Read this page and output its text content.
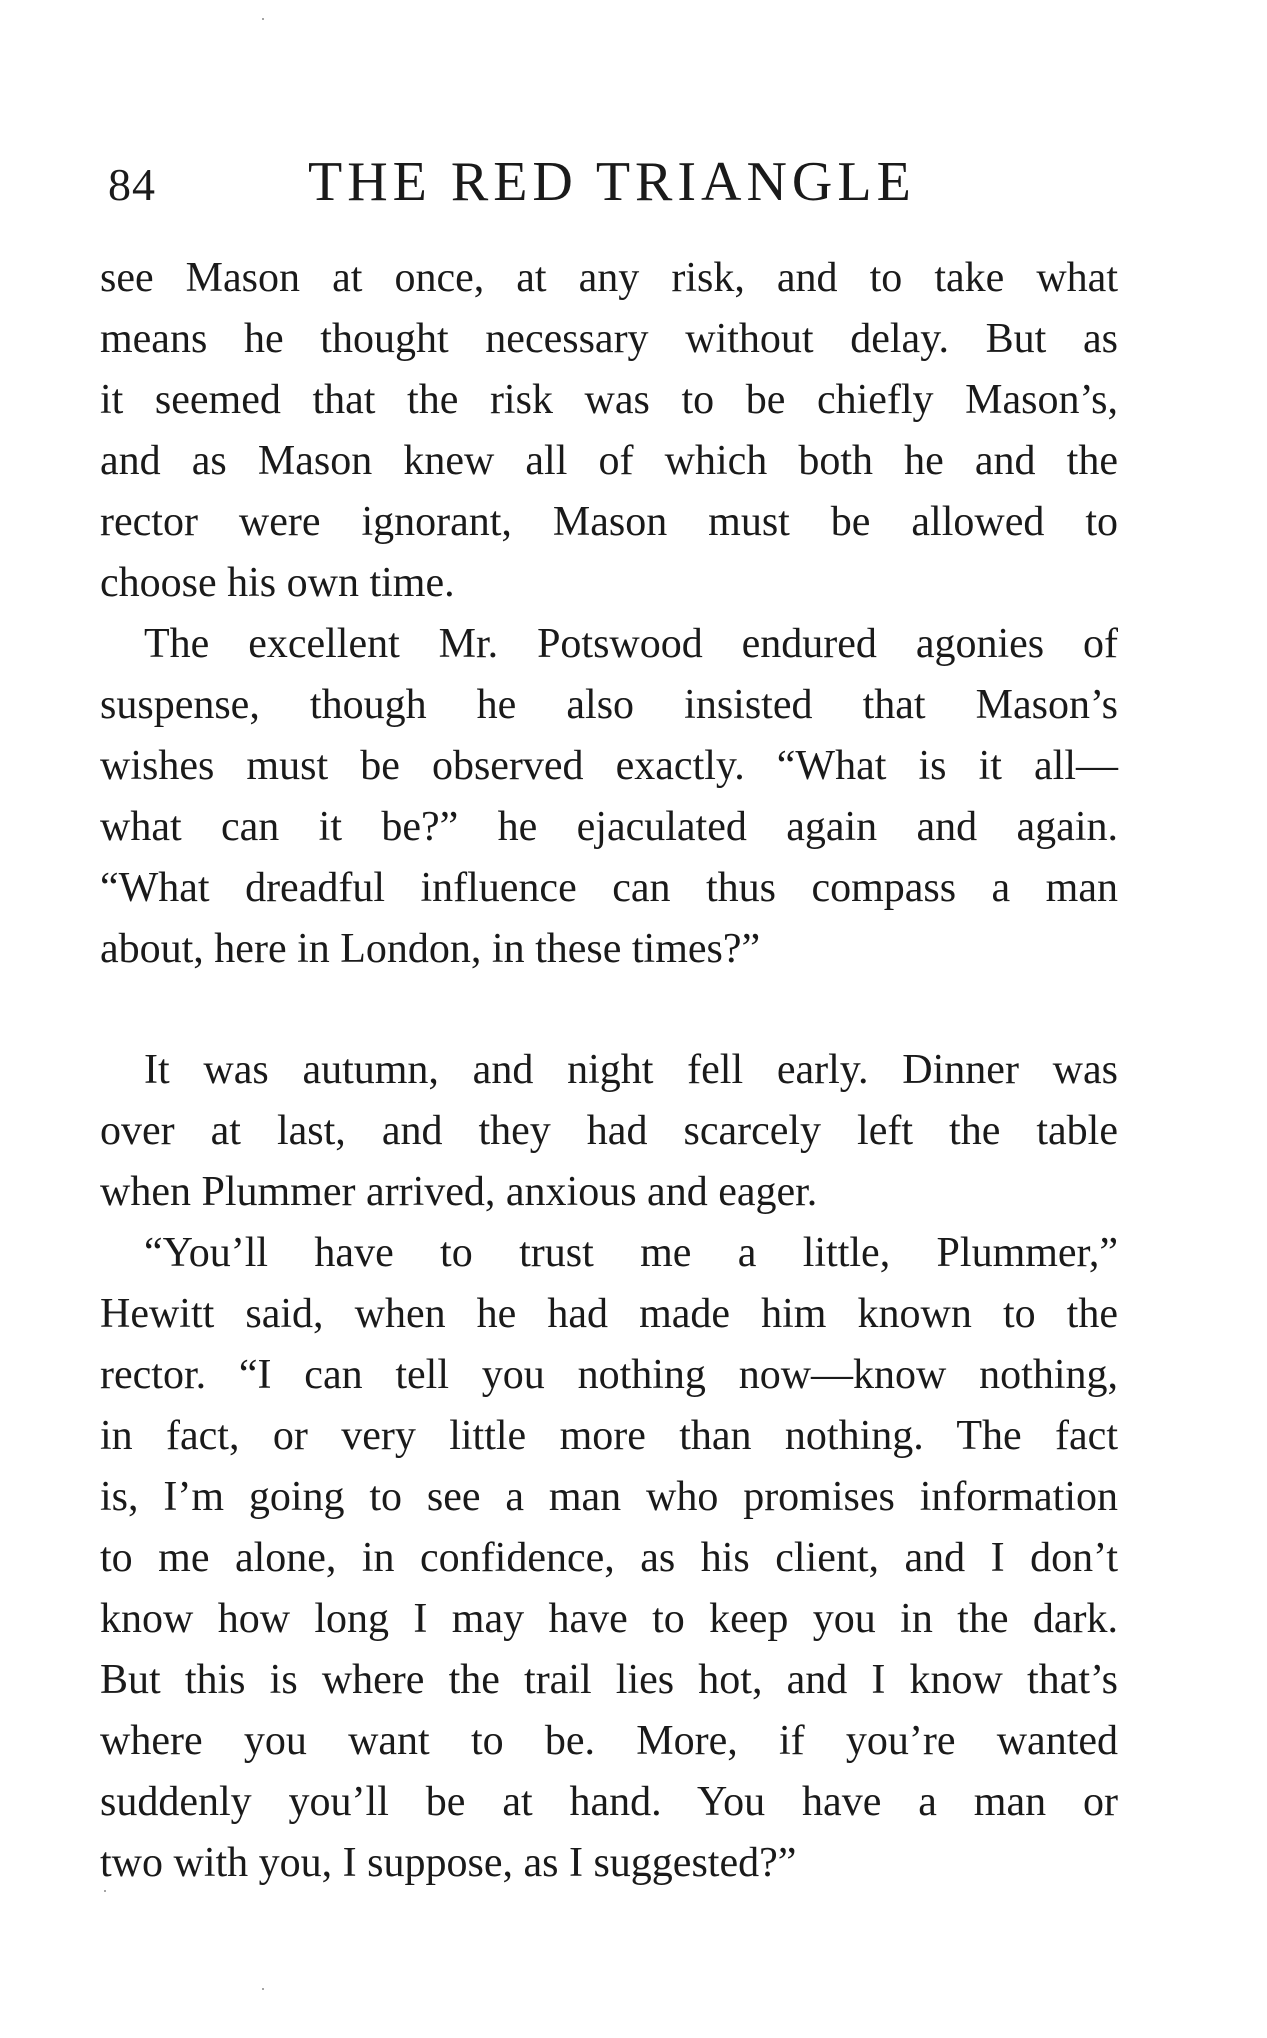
84	THE RED TRIANGLE
see Mason at once, at any risk, and to take what
means he thought necessary without delay. But as
it seemed that the risk was to be chiefly Mason’s,
and as Mason knew all of which both he and the
rector were ignorant, Mason must be allowed to
choose his own time.
The excellent Mr. Potswood endured agonies of
suspense, though he also insisted that Mason’s
wishes must be observed exactly. “What is it all—
what can it be?” he ejaculated again and again.
“What dreadful influence can thus compass a man
about, here in London, in these times?”
It was autumn, and night fell early. Dinner was
over at last, and they had scarcely left the table
when Plummer arrived, anxious and eager.
“You’ll have to trust me a little, Plummer,”
Hewitt said, when he had made him known to the
rector. “I can tell you nothing now—know nothing,
in fact, or very little more than nothing. The fact
is, I’m going to see a man who promises information
to me alone, in confidence, as his client, and I don’t
know how long I may have to keep you in the dark.
But this is where the trail lies hot, and I know that’s
where you want to be. More, if you’re wanted
suddenly you’ll be at hand. You have a man or
two with you, I suppose, as I suggested?”
